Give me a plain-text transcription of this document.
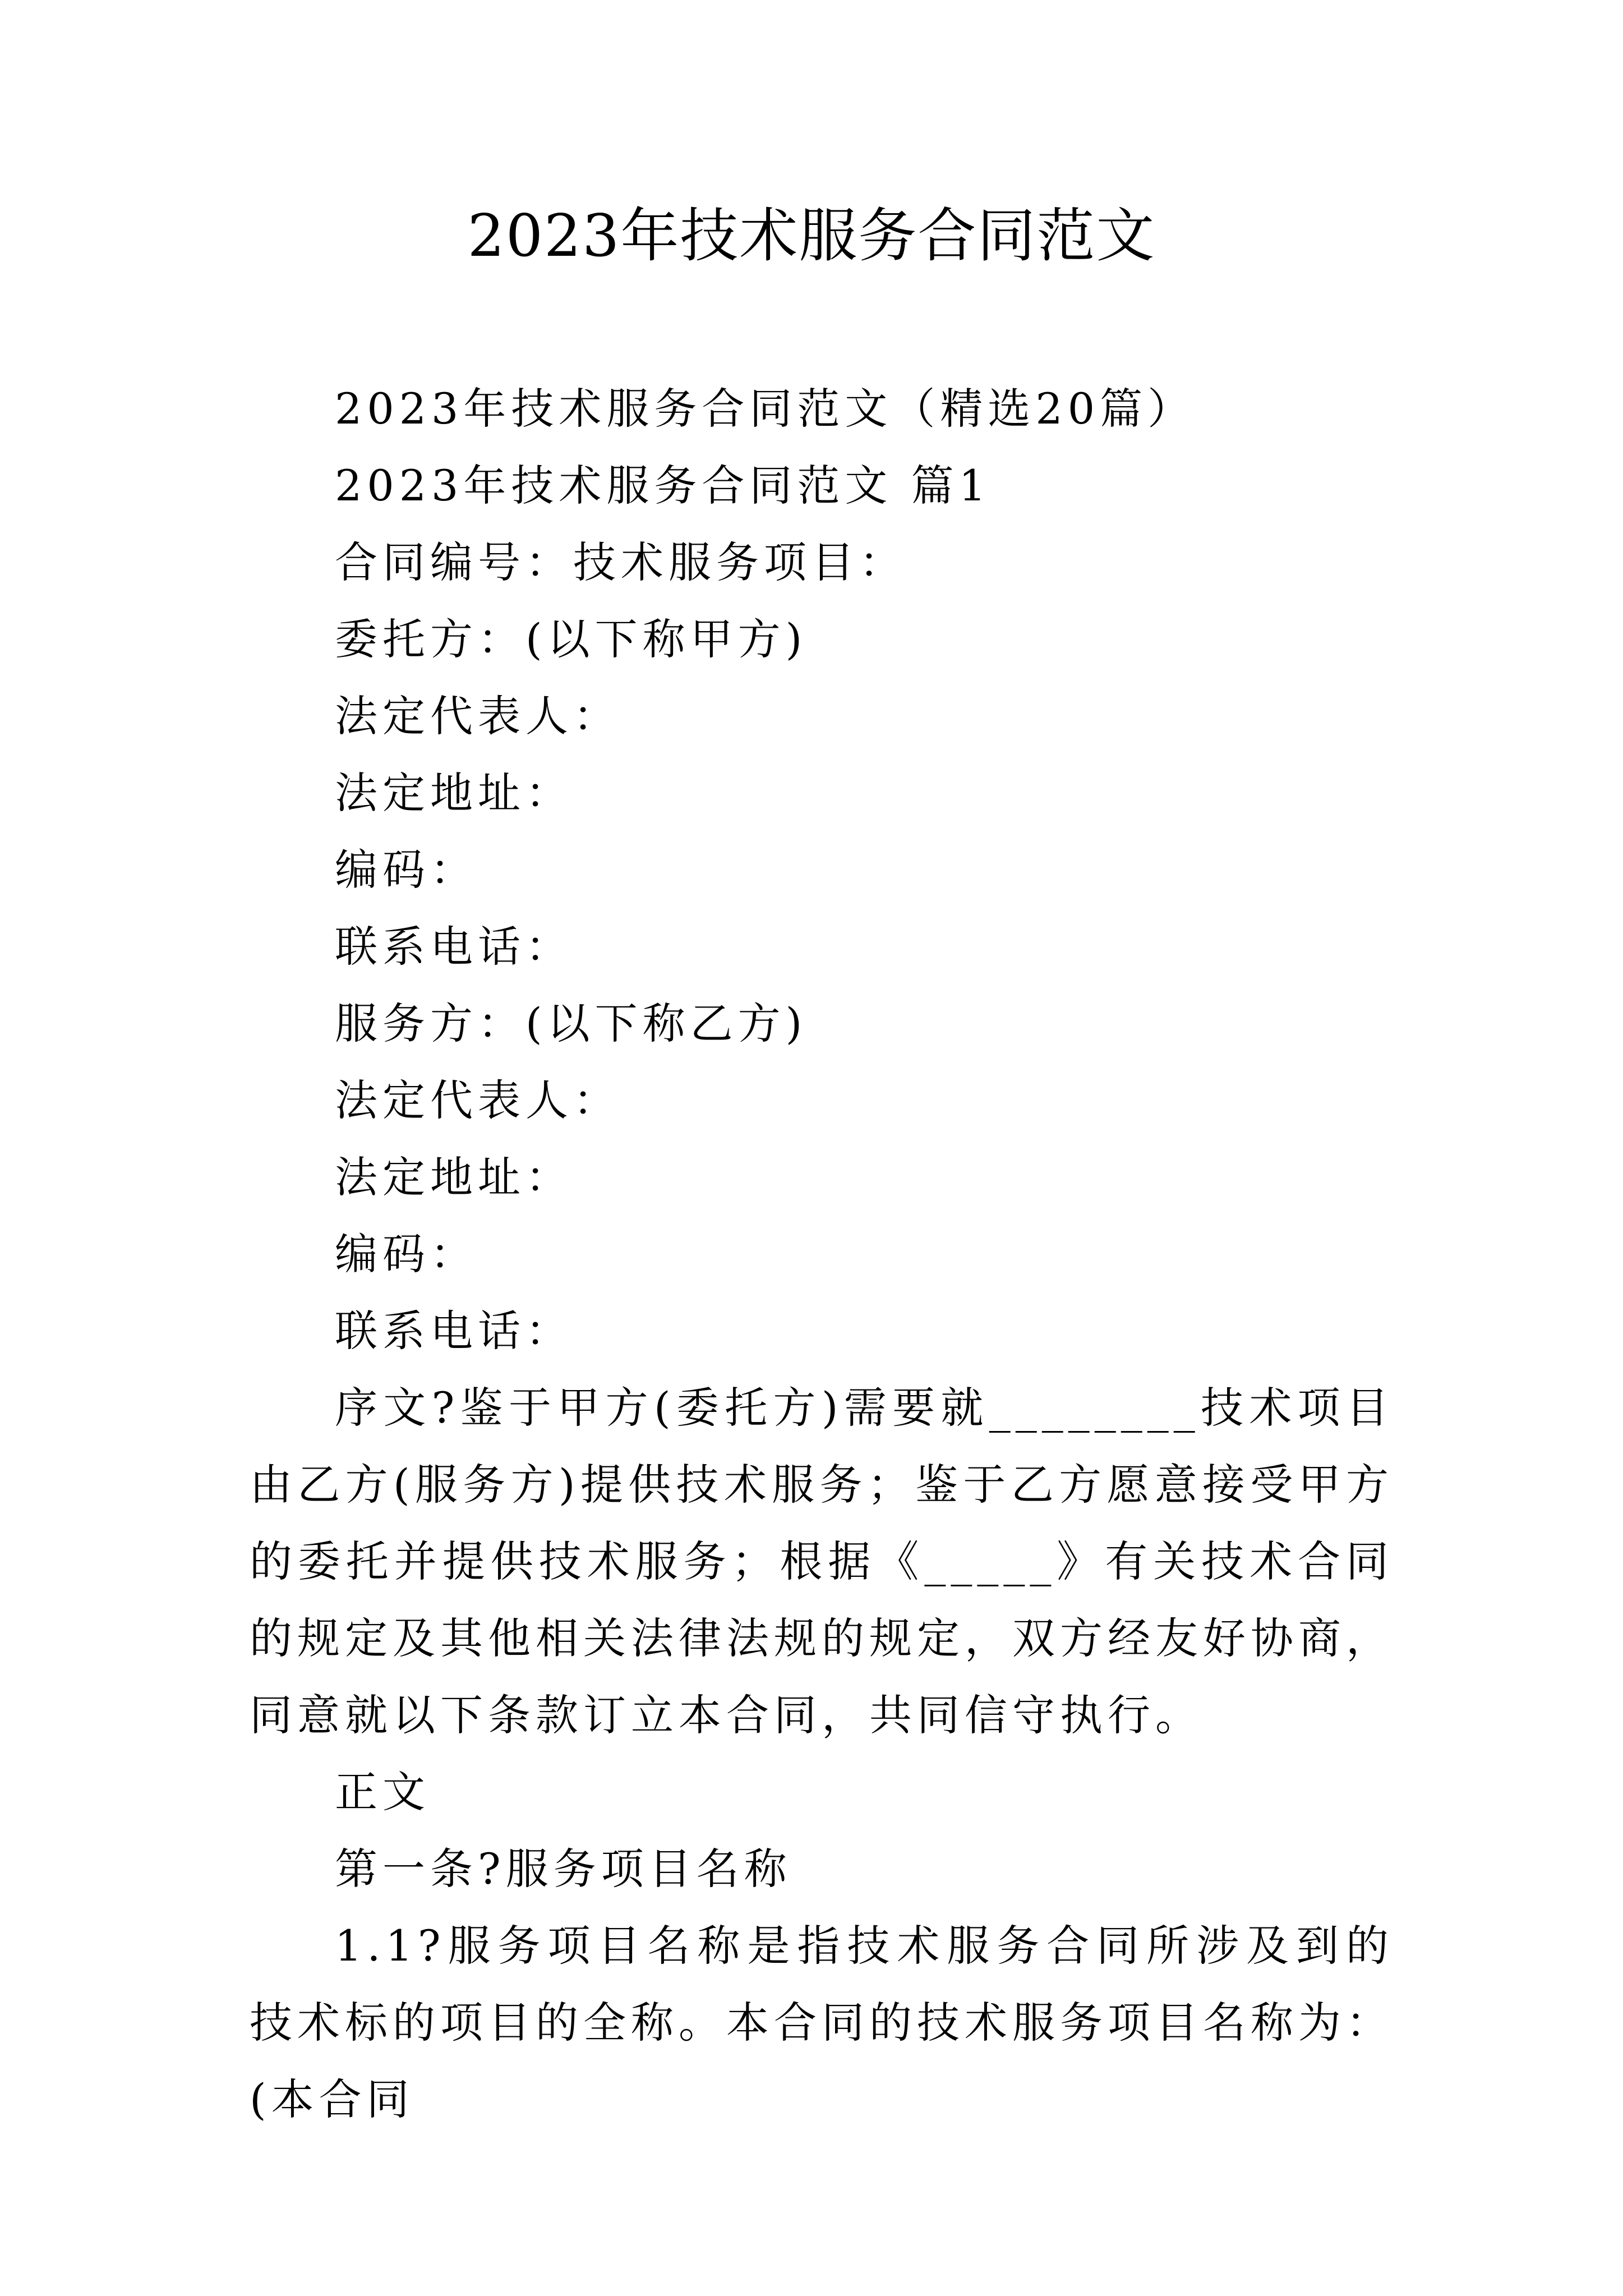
2023年技术服务合同范文
2023年技术服务合同范文（精选20篇）
2023年技术服务合同范文 篇1
合同编号：技术服务项目：
委托方：(以下称甲方)
法定代表人：
法定地址：
编码：
联系电话：
服务方：(以下称乙方)
法定代表人：
法定地址：
编码：
联系电话：

序文?鉴于甲方(委托方)需要就________技术项目由乙方(服务方)提供技术服务；鉴于乙方愿意接受甲方的委托并提供技术服务；根据《_____》有关技术合同的规定及其他相关法律法规的规定，双方经友好协商，同意就以下条款订立本合同，共同信守执行。

正文
第一条?服务项目名称

1.1?服务项目名称是指技术服务合同所涉及到的技术标的项目的全称。本合同的技术服务项目名称为：(本合同
